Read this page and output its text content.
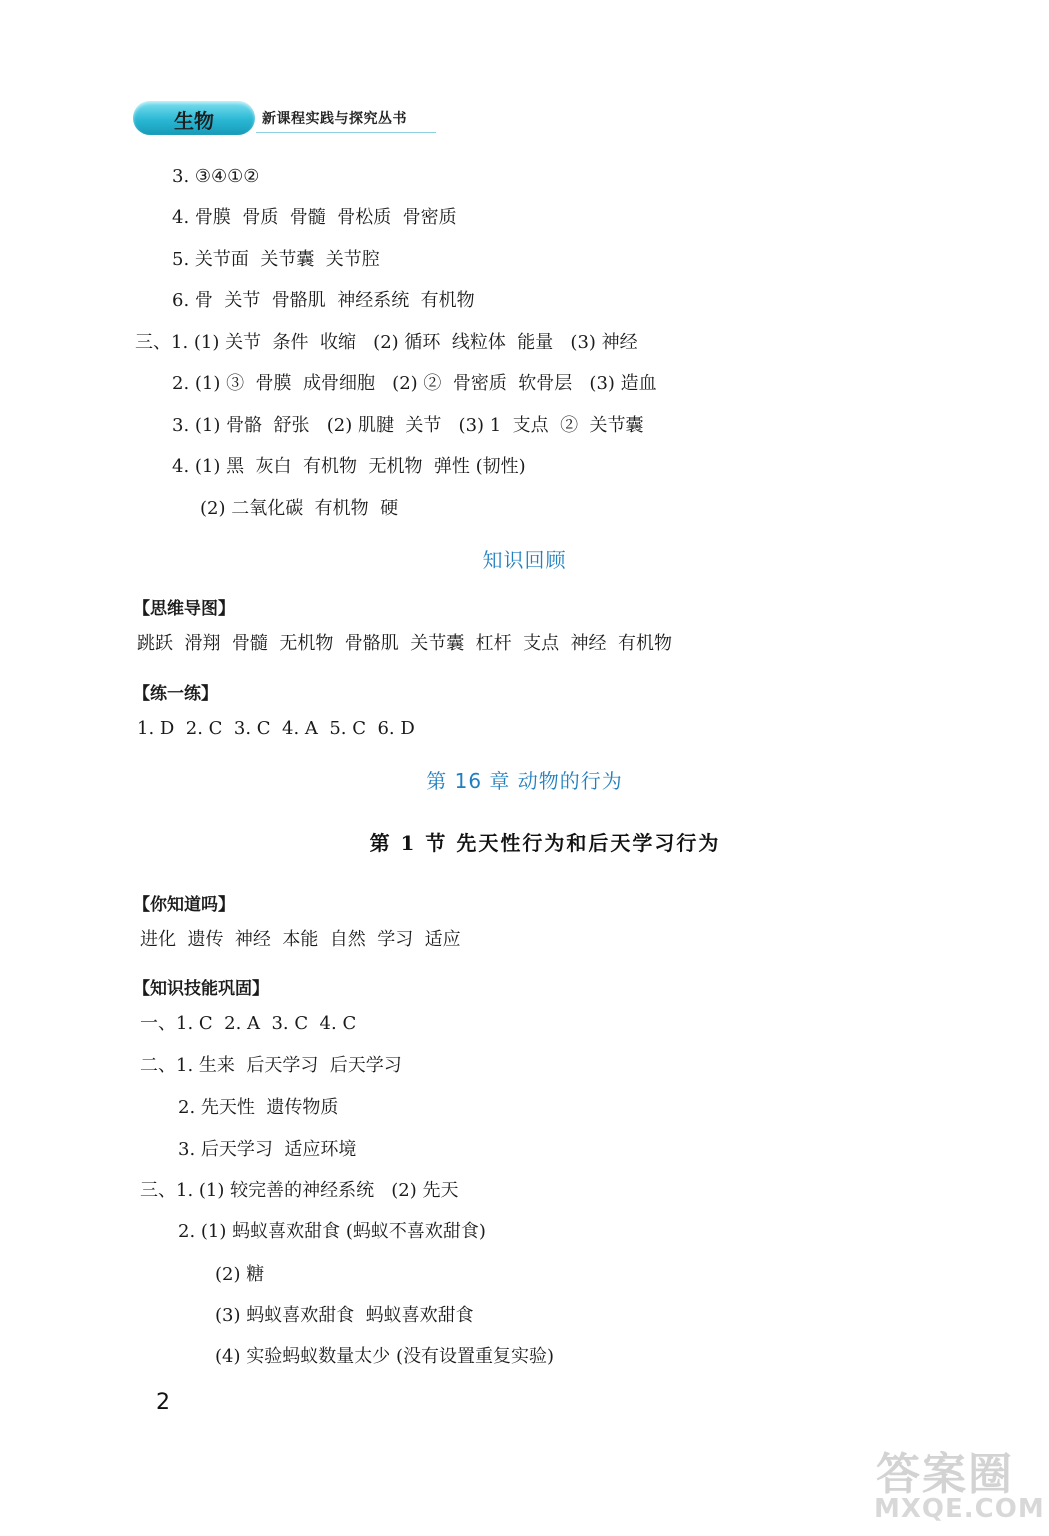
生物	新课程实践与探究丛书
3. ③④①②
4. 骨膜  骨质  骨髓  骨松质  骨密质
5. 关节面  关节囊  关节腔
6. 骨  关节  骨骼肌  神经系统  有机物
三、1. (1) 关节  条件  收缩   (2) 循环  线粒体  能量   (3) 神经
2. (1) ③  骨膜  成骨细胞   (2) ②  骨密质  软骨层   (3) 造血
3. (1) 骨骼  舒张   (2) 肌腱  关节   (3) 1  支点  ②  关节囊
4. (1) 黑  灰白  有机物  无机物  弹性 (韧性)
(2) 二氧化碳  有机物  硬
知识回顾
【思维导图】
跳跃  滑翔  骨髓  无机物  骨骼肌  关节囊  杠杆  支点  神经  有机物
【练一练】
1. D  2. C  3. C  4. A  5. C  6. D
第 16 章 动物的行为
第 1 节 先天性行为和后天学习行为
【你知道吗】
进化  遗传  神经  本能  自然  学习  适应
【知识技能巩固】
一、1. C  2. A  3. C  4. C
二、1. 生来  后天学习  后天学习
2. 先天性  遗传物质
3. 后天学习  适应环境
三、1. (1) 较完善的神经系统   (2) 先天
2. (1) 蚂蚁喜欢甜食 (蚂蚁不喜欢甜食)
(2) 糖
(3) 蚂蚁喜欢甜食  蚂蚁喜欢甜食
(4) 实验蚂蚁数量太少 (没有设置重复实验)
2
答案圈
MXQE.COM
